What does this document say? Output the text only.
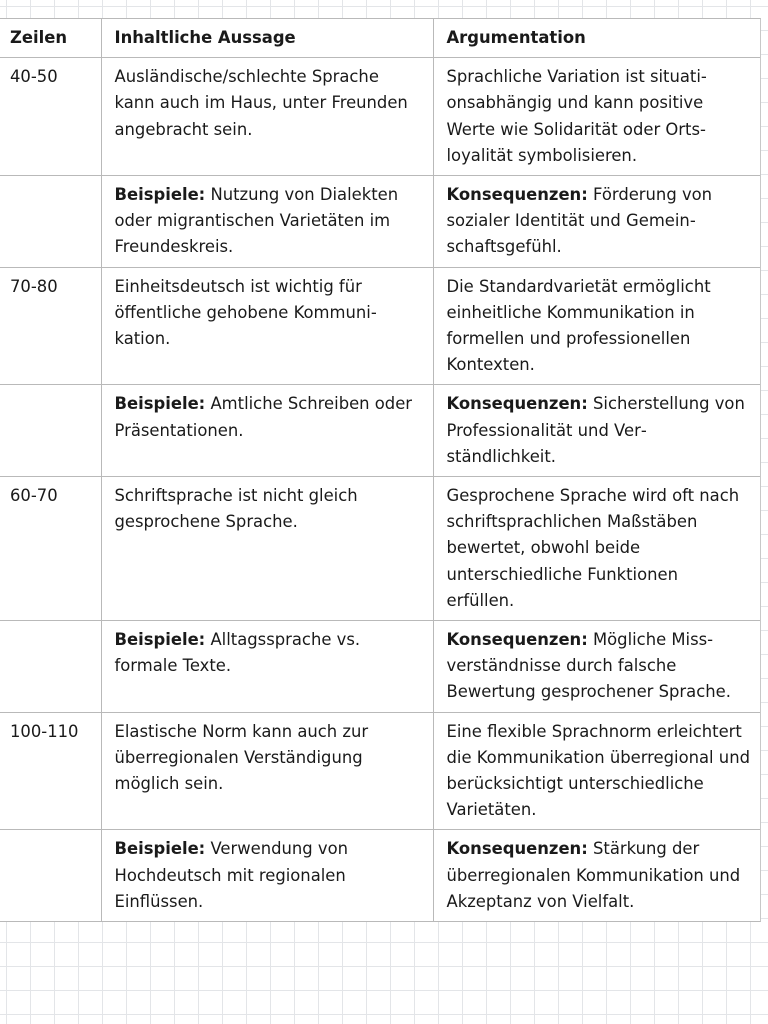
Zeilen	Inhaltliche Aussage	Argumentation
40-50	Ausländische/schlechte Sprache kann auch im Haus, unter Freunden angebracht sein.	Sprachliche Variation ist situationsabhängig und kann positive Werte wie Solidarität oder Ortsloyalität symbolisieren.
	Beispiele: Nutzung von Dialekten oder migrantischen Varietäten im Freundeskreis.	Konsequenzen: Förderung von sozialer Identität und Gemeinschaftsgefühl.
70-80	Einheitsdeutsch ist wichtig für öffentliche gehobene Kommunikation.	Die Standardvarietät ermöglicht einheitliche Kommunikation in formellen und professionellen Kontexten.
	Beispiele: Amtliche Schreiben oder Präsentationen.	Konsequenzen: Sicherstellung von Professionalität und Verständlichkeit.
60-70	Schriftsprache ist nicht gleich gesprochene Sprache.	Gesprochene Sprache wird oft nach schriftsprachlichen Maßstäben bewertet, obwohl beide unterschiedliche Funktionen erfüllen.
	Beispiele: Alltagssprache vs. formale Texte.	Konsequenzen: Mögliche Missverständnisse durch falsche Bewertung gesprochener Sprache.
100-110	Elastische Norm kann auch zur überregionalen Verständigung möglich sein.	Eine flexible Sprachnorm erleichtert die Kommunikation überregional und berücksichtigt unterschiedliche Varietäten.
	Beispiele: Verwendung von Hochdeutsch mit regionalen Einflüssen.	Konsequenzen: Stärkung der überregionalen Kommunikation und Akzeptanz von Vielfalt.
